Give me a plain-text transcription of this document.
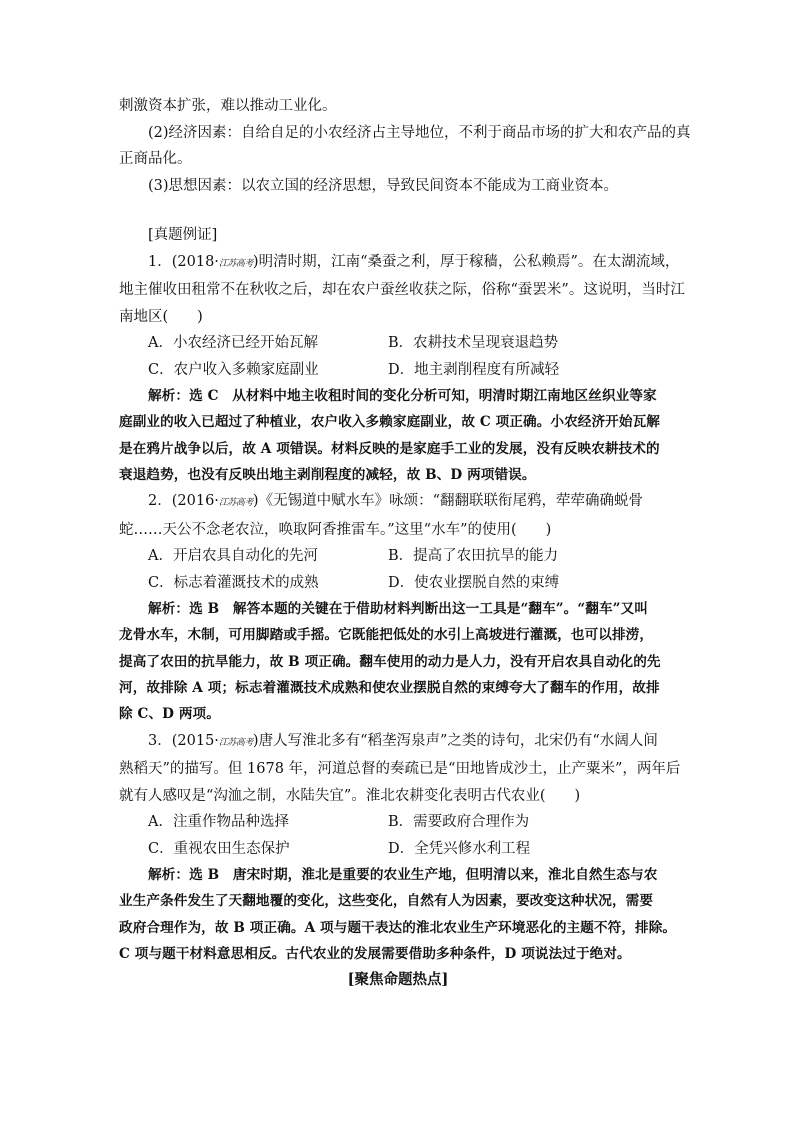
刺激资本扩张，难以推动工业化。

(2)经济因素：自给自足的小农经济占主导地位，不利于商品市场的扩大和农产品的真

正商品化。

(3)思想因素：以农立国的经济思想，导致民间资本不能成为工商业资本。

[真题例证]

1．(2018·江苏高考)明清时期，江南“桑蚕之利，厚于稼穑，公私赖焉”。在太湖流域，

地主催收田租常不在秋收之后，却在农户蚕丝收获之际，俗称“蚕罢米”。这说明，当时江

南地区(　　)

A．小农经济已经开始瓦解	B．农耕技术呈现衰退趋势
C．农户收入多赖家庭副业	D．地主剥削程度有所减轻

解析：选 C　从材料中地主收租时间的变化分析可知，明清时期江南地区丝织业等家

庭副业的收入已超过了种植业，农户收入多赖家庭副业，故 C 项正确。小农经济开始瓦解

是在鸦片战争以后，故 A 项错误。材料反映的是家庭手工业的发展，没有反映农耕技术的

衰退趋势，也没有反映出地主剥削程度的减轻，故 B、D 两项错误。

2．(2016·江苏高考)《无锡道中赋水车》咏颂：“翻翻联联衔尾鸦，荦荦确确蜕骨

蛇……天公不念老农泣，唤取阿香推雷车。”这里“水车”的使用(　　)

A．开启农具自动化的先河	B．提高了农田抗旱的能力
C．标志着灌溉技术的成熟	D．使农业摆脱自然的束缚

解析：选 B　解答本题的关键在于借助材料判断出这一工具是“翻车”。“翻车”又叫

龙骨水车，木制，可用脚踏或手摇。它既能把低处的水引上高坡进行灌溉，也可以排涝，

提高了农田的抗旱能力，故 B 项正确。翻车使用的动力是人力，没有开启农具自动化的先

河，故排除 A 项；标志着灌溉技术成熟和使农业摆脱自然的束缚夸大了翻车的作用，故排

除 C、D 两项。

3．(2015·江苏高考)唐人写淮北多有“稻垄泻泉声”之类的诗句，北宋仍有“水阔人间

熟稻天”的描写。但 1678 年，河道总督的奏疏已是“田地皆成沙土，止产粟米”，两年后

就有人感叹是“沟洫之制，水陆失宜”。淮北农耕变化表明古代农业(　　)

A．注重作物品种选择	B．需要政府合理作为
C．重视农田生态保护	D．全凭兴修水利工程

解析：选 B　唐宋时期，淮北是重要的农业生产地，但明清以来，淮北自然生态与农

业生产条件发生了天翻地覆的变化，这些变化，自然有人为因素，要改变这种状况，需要

政府合理作为，故 B 项正确。A 项与题干表达的淮北农业生产环境恶化的主题不符，排除。

C 项与题干材料意思相反。古代农业的发展需要借助多种条件，D 项说法过于绝对。

[聚焦命题热点]
